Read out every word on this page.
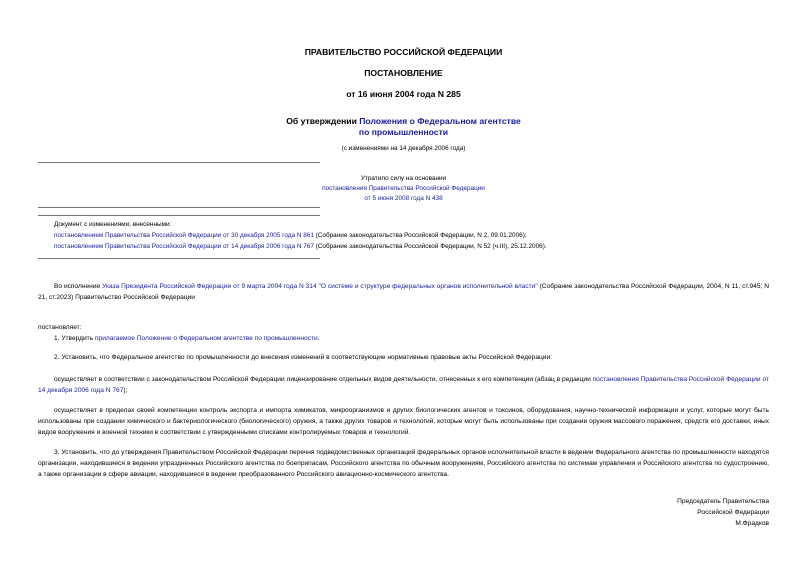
ПРАВИТЕЛЬСТВО РОССИЙСКОЙ ФЕДЕРАЦИИ
ПОСТАНОВЛЕНИЕ
от 16 июня 2004 года N 285
Об утверждении Положения о Федеральном агентстве
по промышленности
(с изменениями на 14 декабря 2006 года)
Утратило силу на основании
постановления Правительства Российской Федерации
от 5 июня 2008 года N 438
Документ с изменениями, внесенными:
постановлением Правительства Российской Федерации от 30 декабря 2005 года N 861 (Собрание законодательства Российской Федерации, N 2, 09.01.2006);
постановлением Правительства Российской Федерации от 14 декабря 2006 года N 767 (Собрание законодательства Российской Федерации, N 52 (ч.III), 25.12.2006).
Во исполнение Указа Президента Российской Федерации от 9 марта 2004 года N 314 "О системе и структуре федеральных органов исполнительной власти" (Собрание законодательства Российской Федерации, 2004, N 11, ст.945; N 21, ст.2023) Правительство Российской Федерации
постановляет:
1. Утвердить прилагаемое Положение о Федеральном агентстве по промышленности.
2. Установить, что Федеральное агентство по промышленности до внесения изменений в соответствующие нормативные правовые акты Российской Федерации:
осуществляет в соответствии с законодательством Российской Федерации лицензирование отдельных видов деятельности, отнесенных к его компетенции (абзац в редакции постановления Правительства Российской Федерации от 14 декабря 2006 года N 767);
осуществляет в пределах своей компетенции контроль экспорта и импорта химикатов, микроорганизмов и других биологических агентов и токсинов, оборудования, научно-технической информации и услуг, которые могут быть использованы при создании химического и бактериологического (биологического) оружия, а также других товаров и технологий, которые могут быть использованы при создании оружия массового поражения, средств его доставки, иных видов вооружения и военной техники в соответствии с утвержденными списками контролируемых товаров и технологий.
3. Установить, что до утверждения Правительством Российской Федерации перечня подведомственных организаций федеральных органов исполнительной власти в ведении Федерального агентства по промышленности находятся организации, находившиеся в ведении упраздненных Российского агентства по боеприпасам, Российского агентства по обычным вооружениям, Российского агентства по системам управления и Российского агентства по судостроению, а также организации в сфере авиации, находившиеся в ведении преобразованного Российского авиационно-космического агентства.
Председатель Правительства
Российской Федерации
М.Фрадков
